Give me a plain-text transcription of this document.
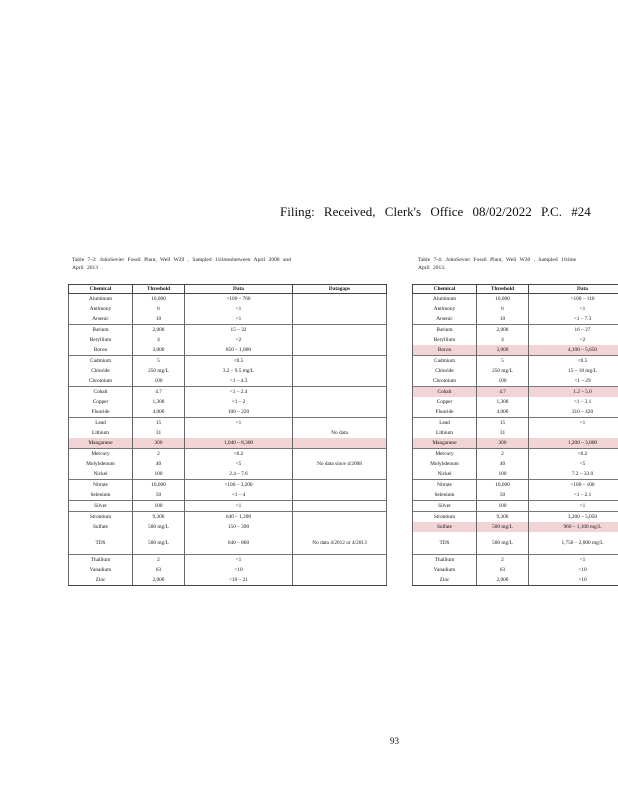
Filing: Received, Clerk's Office 08/02/2022 P.C. #24
Table 7-3: JohnSevier Fossil Plant, Well W29 , Sampled 11timesbetween April 2008 and
April 2013 .
Chemical	Threshold	Data	Datagaps
Aluminum	16,000	<100 – 760	
Antimony	6	<1	
Arsenic	10	<1	
Barium	2,000	15 – 32	
Beryllium	4	<2	
Boron	3,000	850 – 1,800	
Cadmium	5	<0.5	
Chloride	250 mg/L	3.2 – 9.5 mg/L	
Chromium	100	<1 – 4.3	
Cobalt	4.7	<1 – 2.4	
Copper	1,300	<1 – 2	
Fluoride	4,000	100 – 220	
Lead	15	<1	
Lithium	31		No data
Manganese	300	1,040 – 8,300	
Mercury	2	<0.2	
Molybdenum	40	<5	No data since 4/2008
Nickel	100	2.4 – 7.6	
Nitrate	10,000	<100 – 3,200	
Selenium	50	<1 – 4	
Silver	100	<1	
Strontium	9,300	640 – 1,200	
Sulfate	500 mg/L	150 – 390	
TDS	500 mg/L	640 – 860	No data 4/2012 or 4/2013
Thallium	2	<1	
Vanadium	63	<10	
Zinc	2,000	<10 – 21	
Table 7-4: JohnSevier Fossil Plant, Well W30 , Sampled 11time
April 2013.
Chemical	Threshold	Data
Aluminum	16,000	<100 – 110
Antimony	6	<1
Arsenic	10	<1 – 7.3
Barium	2,000	16 – 27
Beryllium	4	<2
Boron	3,000	4,100 – 5,650
Cadmium	5	<0.5
Chloride	250 mg/L	15 – 18 mg/L
Chromium	100	<1 – 29
Cobalt	4.7	1.2 – 5.0
Copper	1,300	<1 – 3.1
Fluoride	4,000	310 – 420
Lead	15	<1
Lithium	31	
Manganese	300	1,200 – 3,800
Mercury	2	<0.2
Molybdenum	40	<5
Nickel	100	7.2 – 33.0
Nitrate	10,000	<100 – 100
Selenium	50	<1 – 2.1
Silver	100	<1
Strontium	9,300	3,200 – 5,050
Sulfate	500 mg/L	960 – 1,100 mg/L
TDS	500 mg/L	1,750 – 2,000 mg/L
Thallium	2	<1
Vanadium	63	<10
Zinc	2,000	<10
93
